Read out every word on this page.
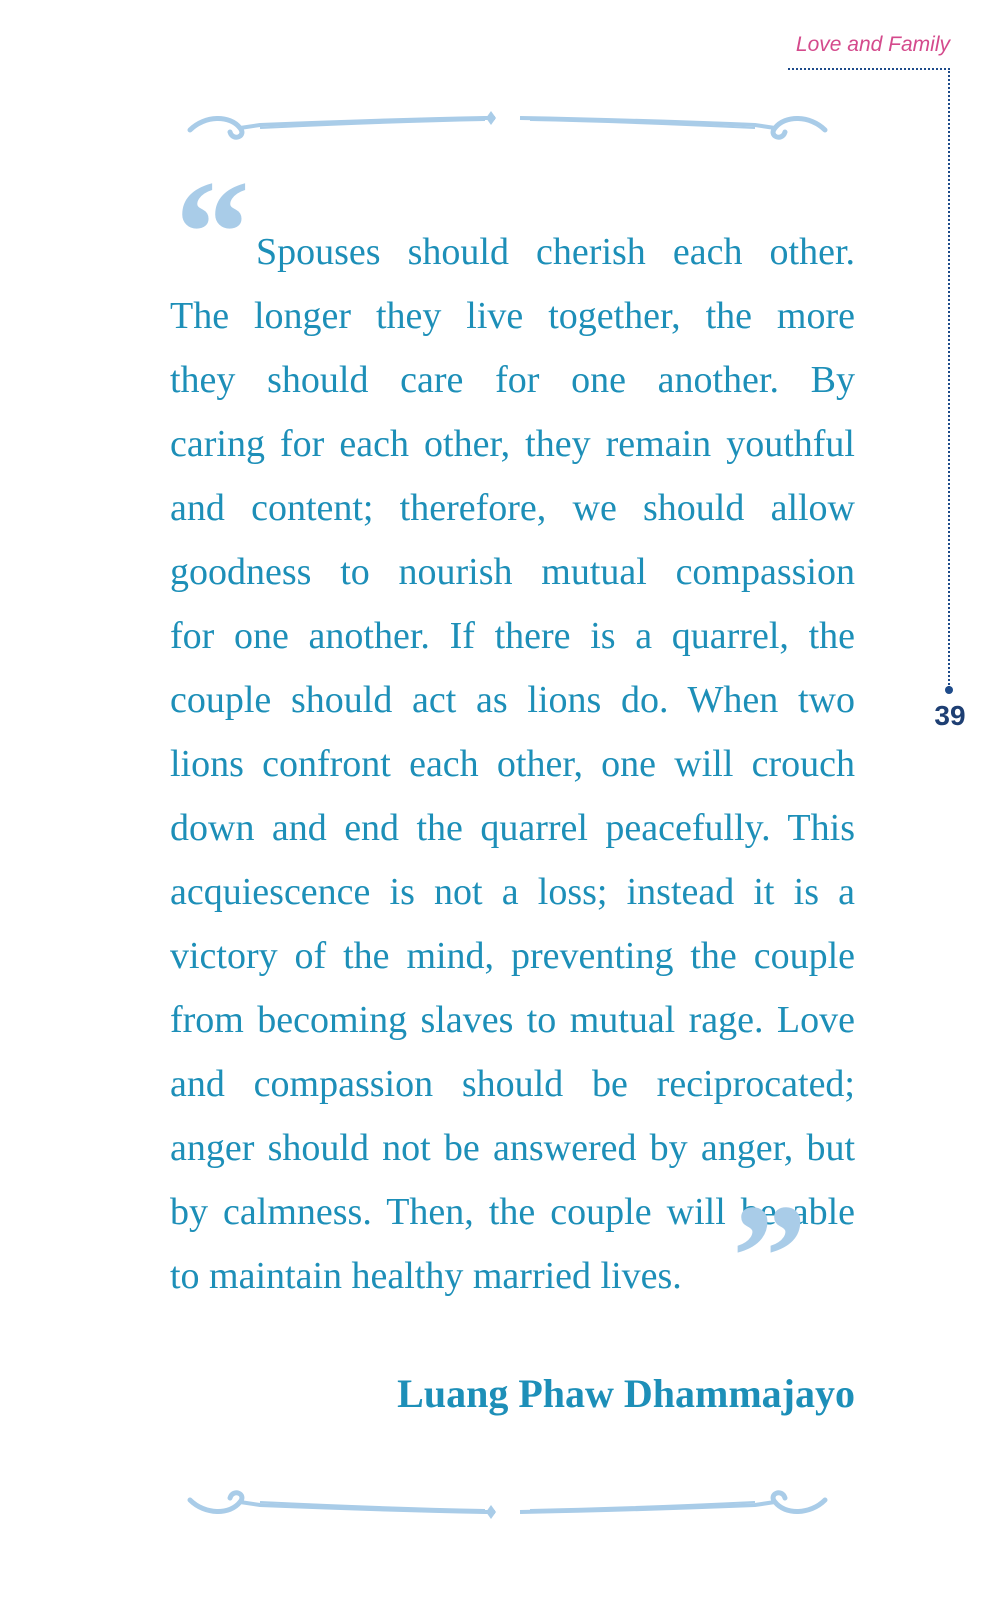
Love and Family
39
“ Spouses should cherish each other.
The longer they live together, the more
they should care for one another. By
caring for each other, they remain youthful
and content; therefore, we should allow
goodness to nourish mutual compassion
for one another. If there is a quarrel, the
couple should act as lions do. When two
lions confront each other, one will crouch
down and end the quarrel peacefully. This
acquiescence is not a loss; instead it is a
victory of the mind, preventing the couple
from becoming slaves to mutual rage. Love
and compassion should be reciprocated;
anger should not be answered by anger, but
by calmness. Then, the couple will be able
to maintain healthy married lives. ”
Luang Phaw Dhammajayo
